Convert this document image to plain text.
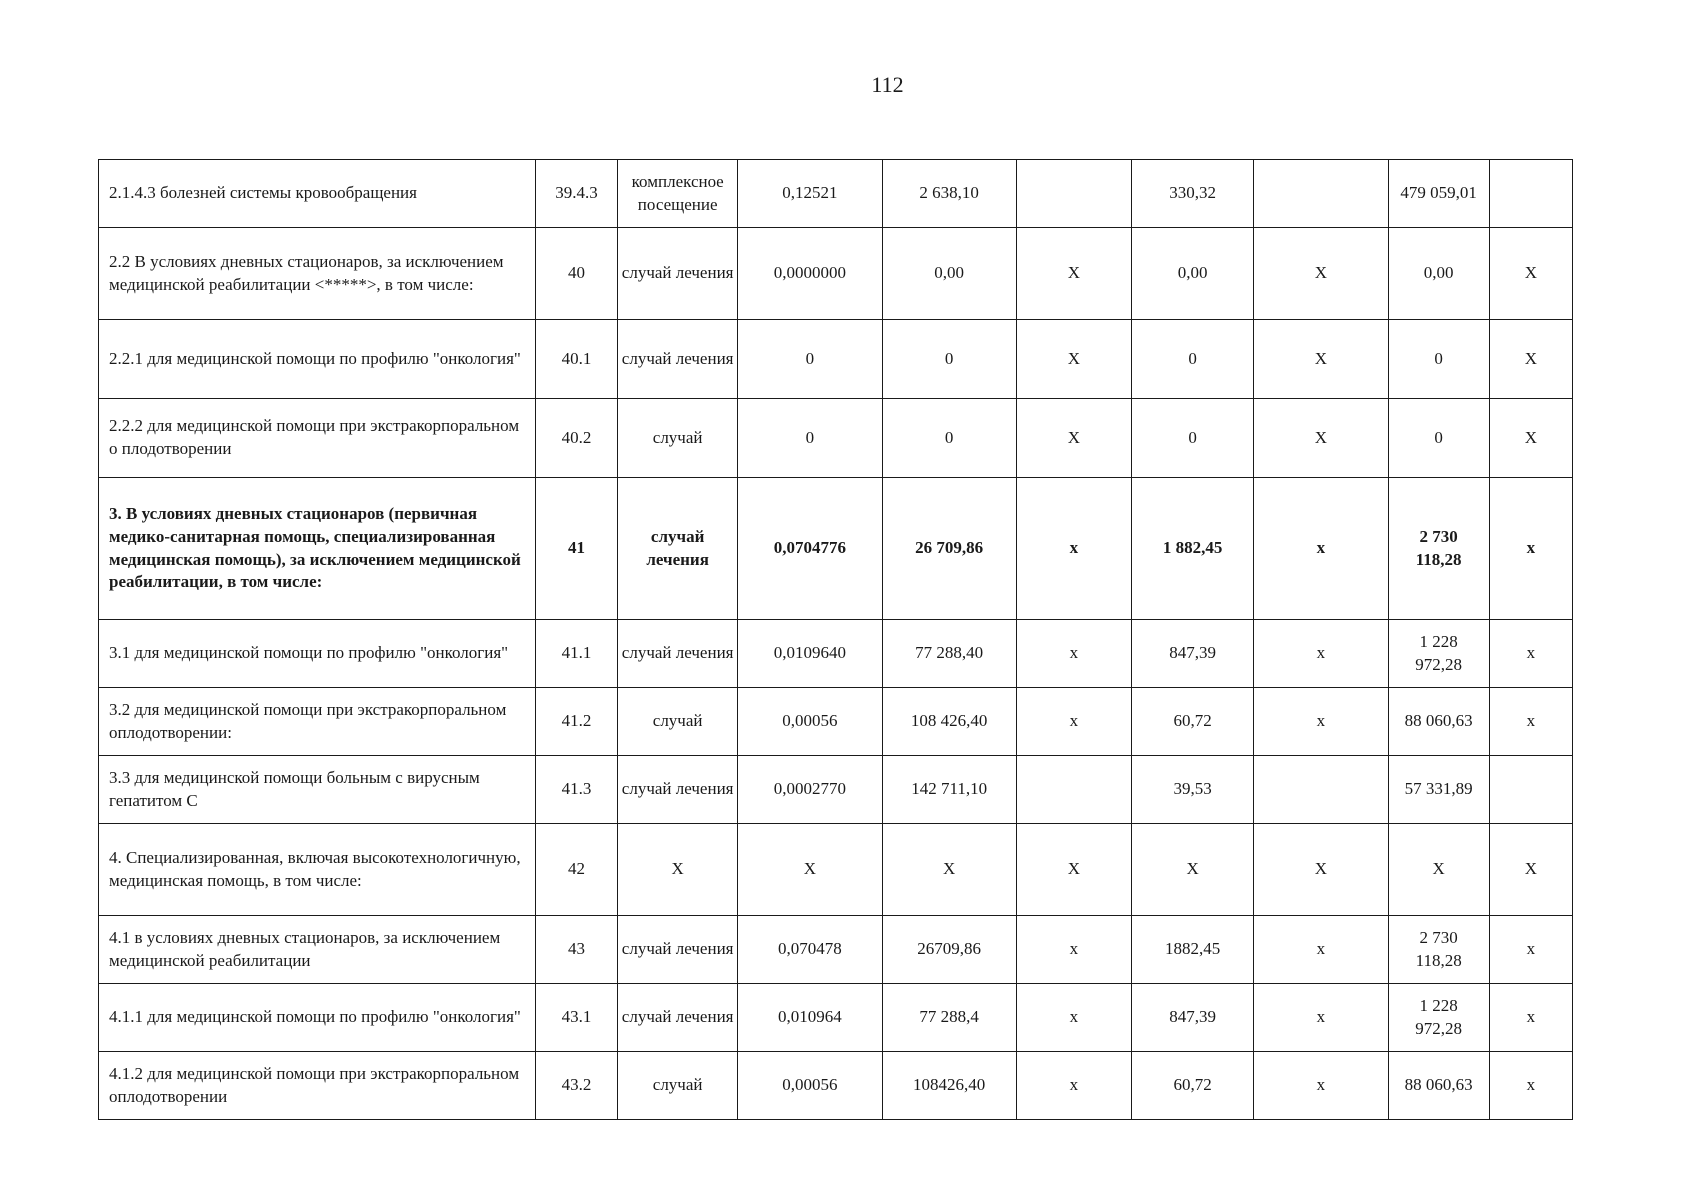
112
2.1.4.3 болезней системы кровообращения	39.4.3	комплексноe посещение	0,12521	2 638,10		330,32		479 059,01	
2.2 В условиях дневных стационаров, за исключением медицинской реабилитации <*****>, в том числе:	40	случай лечения	0,0000000	0,00	Х	0,00	Х	0,00	Х
2.2.1 для медицинской помощи по профилю "онкология"	40.1	случай лечения	0	0	Х	0	Х	0	Х
2.2.2 для медицинской помощи при экстракорпоральном о плодотворении	40.2	случай	0	0	Х	0	Х	0	Х
3. В условиях дневных стационаров (первичная медико-санитарная помощь, специализированная медицинская помощь), за исключением медицинской реабилитации, в том числе:	41	случай лечения	0,0704776	26 709,86	х	1 882,45	х	2 730 118,28	х
3.1 для медицинской помощи по профилю "онкология"	41.1	случай лечения	0,0109640	77 288,40	х	847,39	х	1 228 972,28	х
3.2 для медицинской помощи при экстракорпоральном оплодотворении:	41.2	случай	0,00056	108 426,40	х	60,72	х	88 060,63	х
3.3 для медицинской помощи больным с вирусным гепатитом С	41.3	случай лечения	0,0002770	142 711,10		39,53		57 331,89	
4. Специализированная, включая высокотехнологичную, медицинская помощь, в том числе:	42	Х	Х	Х	Х	Х	Х	Х	Х
4.1 в условиях дневных стационаров, за исключением медицинской реабилитации	43	случай лечения	0,070478	26709,86	х	1882,45	х	2 730 118,28	х
4.1.1 для медицинской помощи по профилю "онкология"	43.1	случай лечения	0,010964	77 288,4	х	847,39	х	1 228 972,28	х
4.1.2 для медицинской помощи при экстракорпоральном оплодотворении	43.2	случай	0,00056	108426,40	х	60,72	х	88 060,63	х
